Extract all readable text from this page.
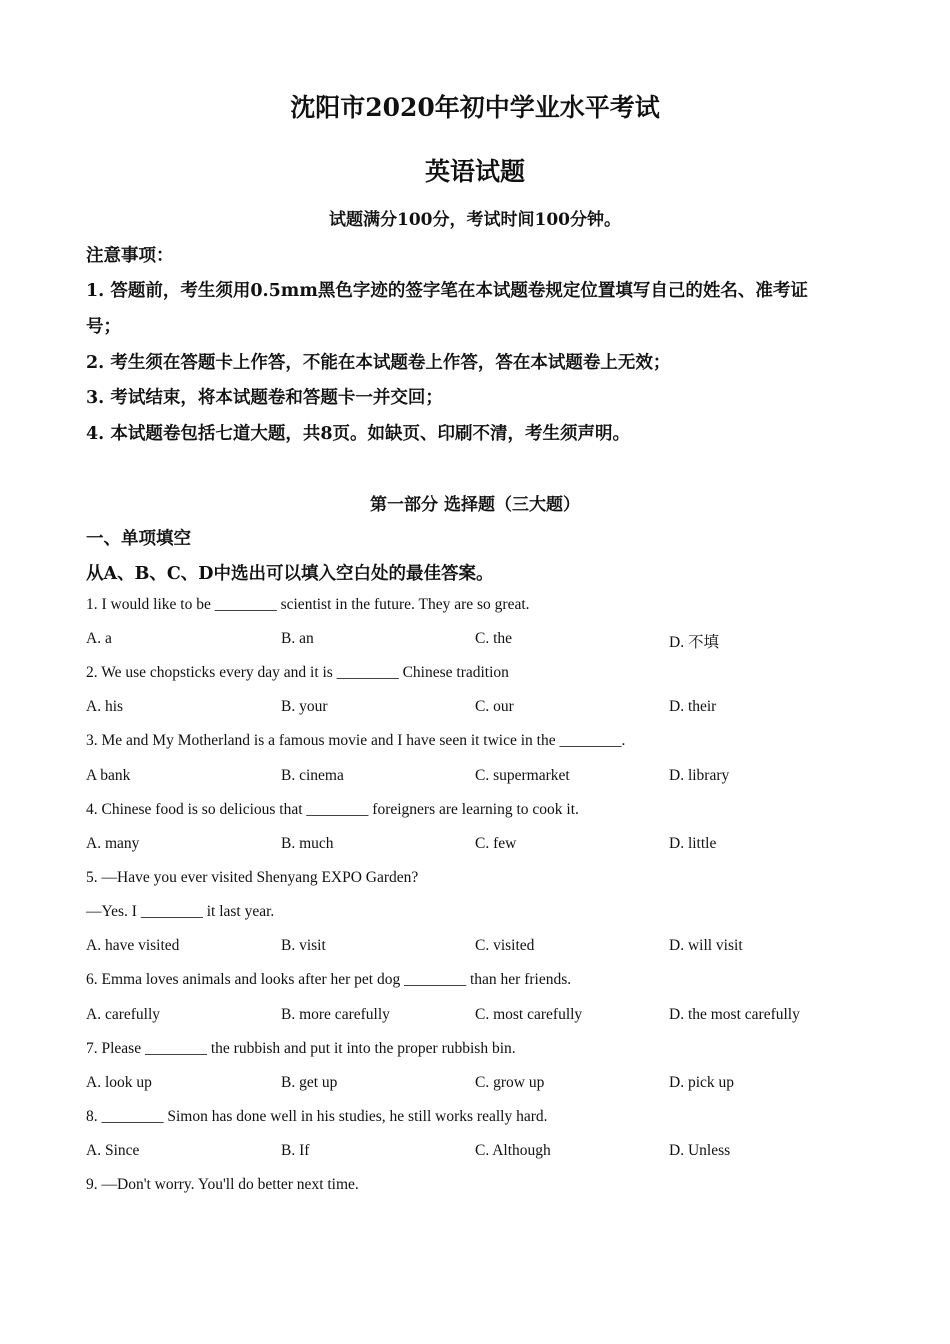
沈阳市2020年初中学业水平考试
英语试题
试题满分100分，考试时间100分钟。
注意事项：
1. 答题前，考生须用0.5mm黑色字迹的签字笔在本试题卷规定位置填写自己的姓名、准考证
号；
2. 考生须在答题卡上作答，不能在本试题卷上作答，答在本试题卷上无效；
3. 考试结束，将本试题卷和答题卡一并交回；
4. 本试题卷包括七道大题，共8页。如缺页、印刷不清，考生须声明。
第一部分 选择题（三大题）
一、单项填空
从A、B、C、D中选出可以填入空白处的最佳答案。
1. I would like to be ________ scientist in the future. They are so great.
A. a	B. an	C. the	D. 不填
2. We use chopsticks every day and it is ________ Chinese tradition
A. his	B. your	C. our	D. their
3. Me and My Motherland is a famous movie and I have seen it twice in the ________.
A bank	B. cinema	C. supermarket	D. library
4. Chinese food is so delicious that ________ foreigners are learning to cook it.
A. many	B. much	C. few	D. little
5. —Have you ever visited Shenyang EXPO Garden?
—Yes. I ________ it last year.
A. have visited	B. visit	C. visited	D. will visit
6. Emma loves animals and looks after her pet dog ________ than her friends.
A. carefully	B. more carefully	C. most carefully	D. the most carefully
7. Please ________ the rubbish and put it into the proper rubbish bin.
A. look up	B. get up	C. grow up	D. pick up
8. ________ Simon has done well in his studies, he still works really hard.
A. Since	B. If	C. Although	D. Unless
9. —Don't worry. You'll do better next time.
